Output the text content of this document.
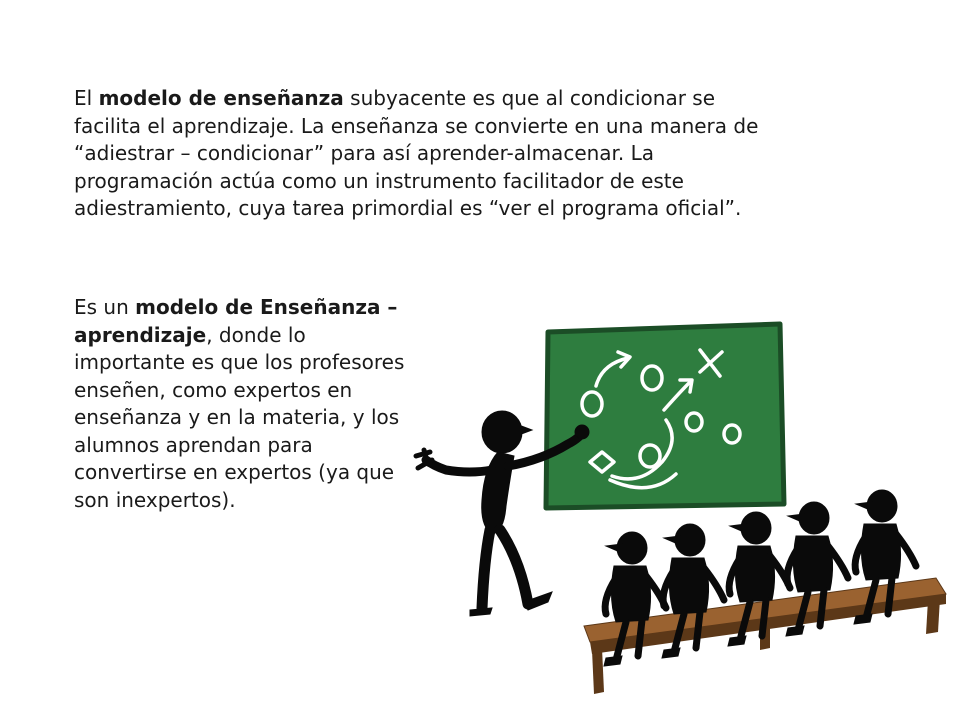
El modelo de enseñanza subyacente es que al condicionar se facilita el aprendizaje. La enseñanza se convierte en una manera de “adiestrar – condicionar” para así aprender-almacenar. La programación actúa como un instrumento facilitador de este adiestramiento, cuya tarea primordial es “ver el programa oficial”.

Es un modelo de Enseñanza – aprendizaje, donde lo importante es que los profesores enseñen, como expertos en enseñanza y en la materia, y los alumnos aprendan para convertirse en expertos (ya que son inexpertos).
